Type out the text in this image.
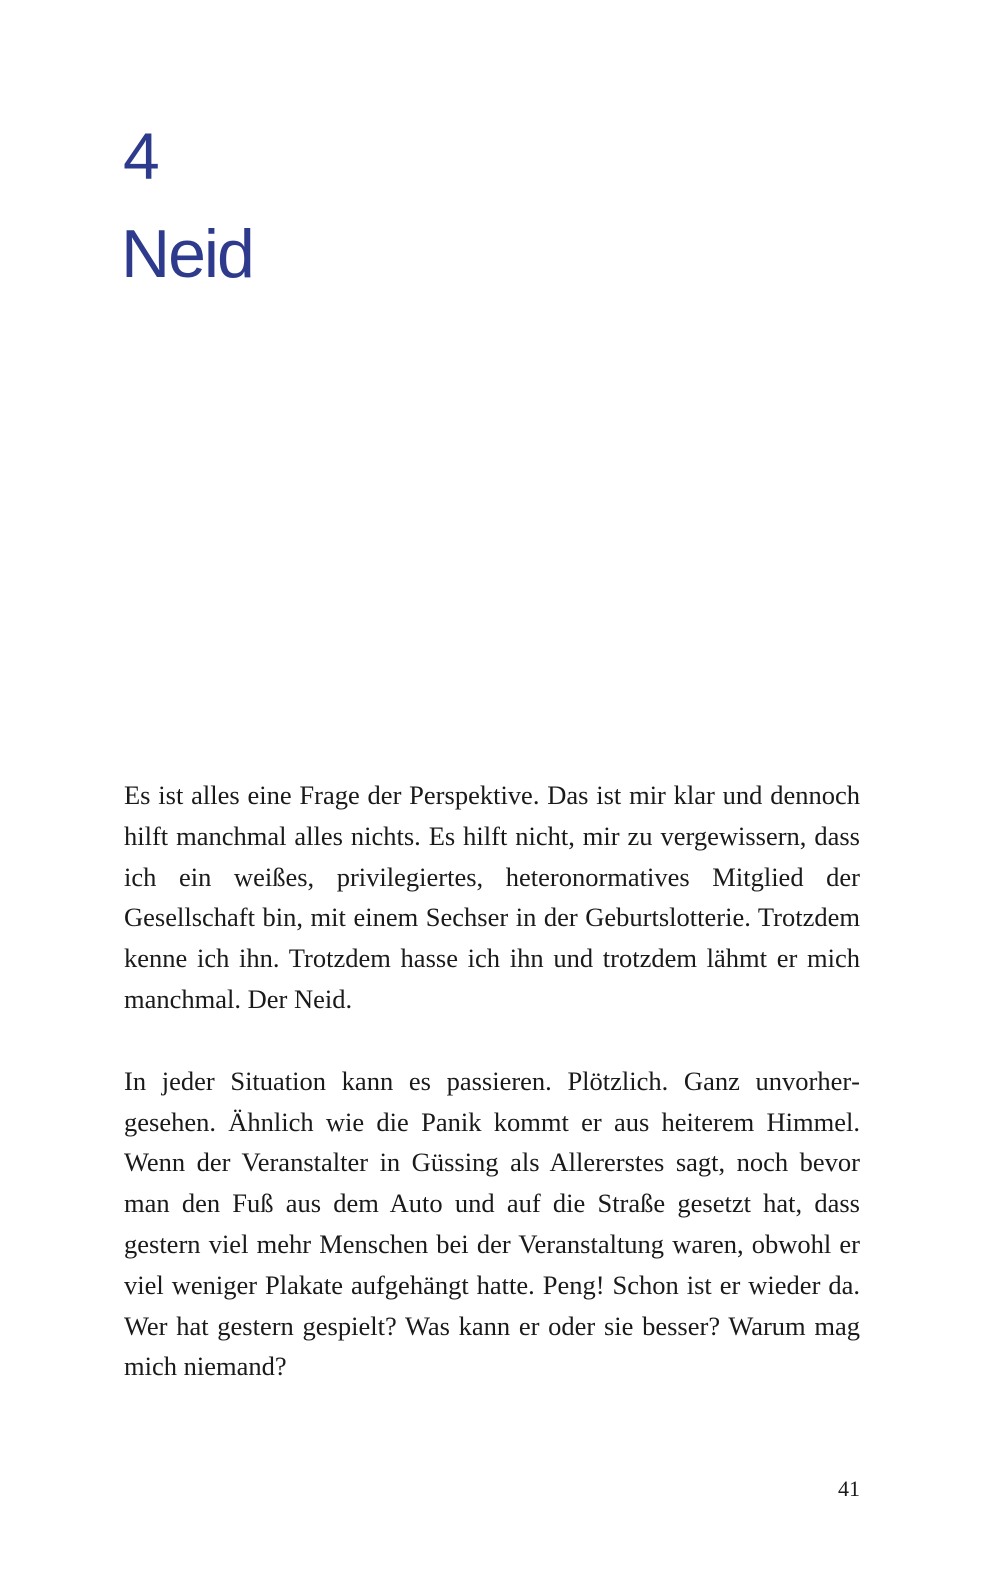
4
Neid

Es ist alles eine Frage der Perspektive. Das ist mir klar und dennoch hilft manchmal alles nichts. Es hilft nicht, mir zu vergewissern, dass ich ein weißes, privilegiertes, heteronormatives Mitglied der Gesellschaft bin, mit einem Sechser in der Geburtslotterie. Trotzdem kenne ich ihn. Trotzdem hasse ich ihn und trotzdem lähmt er mich manchmal. Der Neid.

In jeder Situation kann es passieren. Plötzlich. Ganz unvorhergesehen. Ähnlich wie die Panik kommt er aus heiterem Himmel. Wenn der Veranstalter in Güssing als Allererstes sagt, noch bevor man den Fuß aus dem Auto und auf die Straße gesetzt hat, dass gestern viel mehr Menschen bei der Veranstaltung waren, obwohl er viel weniger Plakate aufgehängt hatte. Peng! Schon ist er wieder da. Wer hat gestern gespielt? Was kann er oder sie besser? Warum mag mich niemand?

41
